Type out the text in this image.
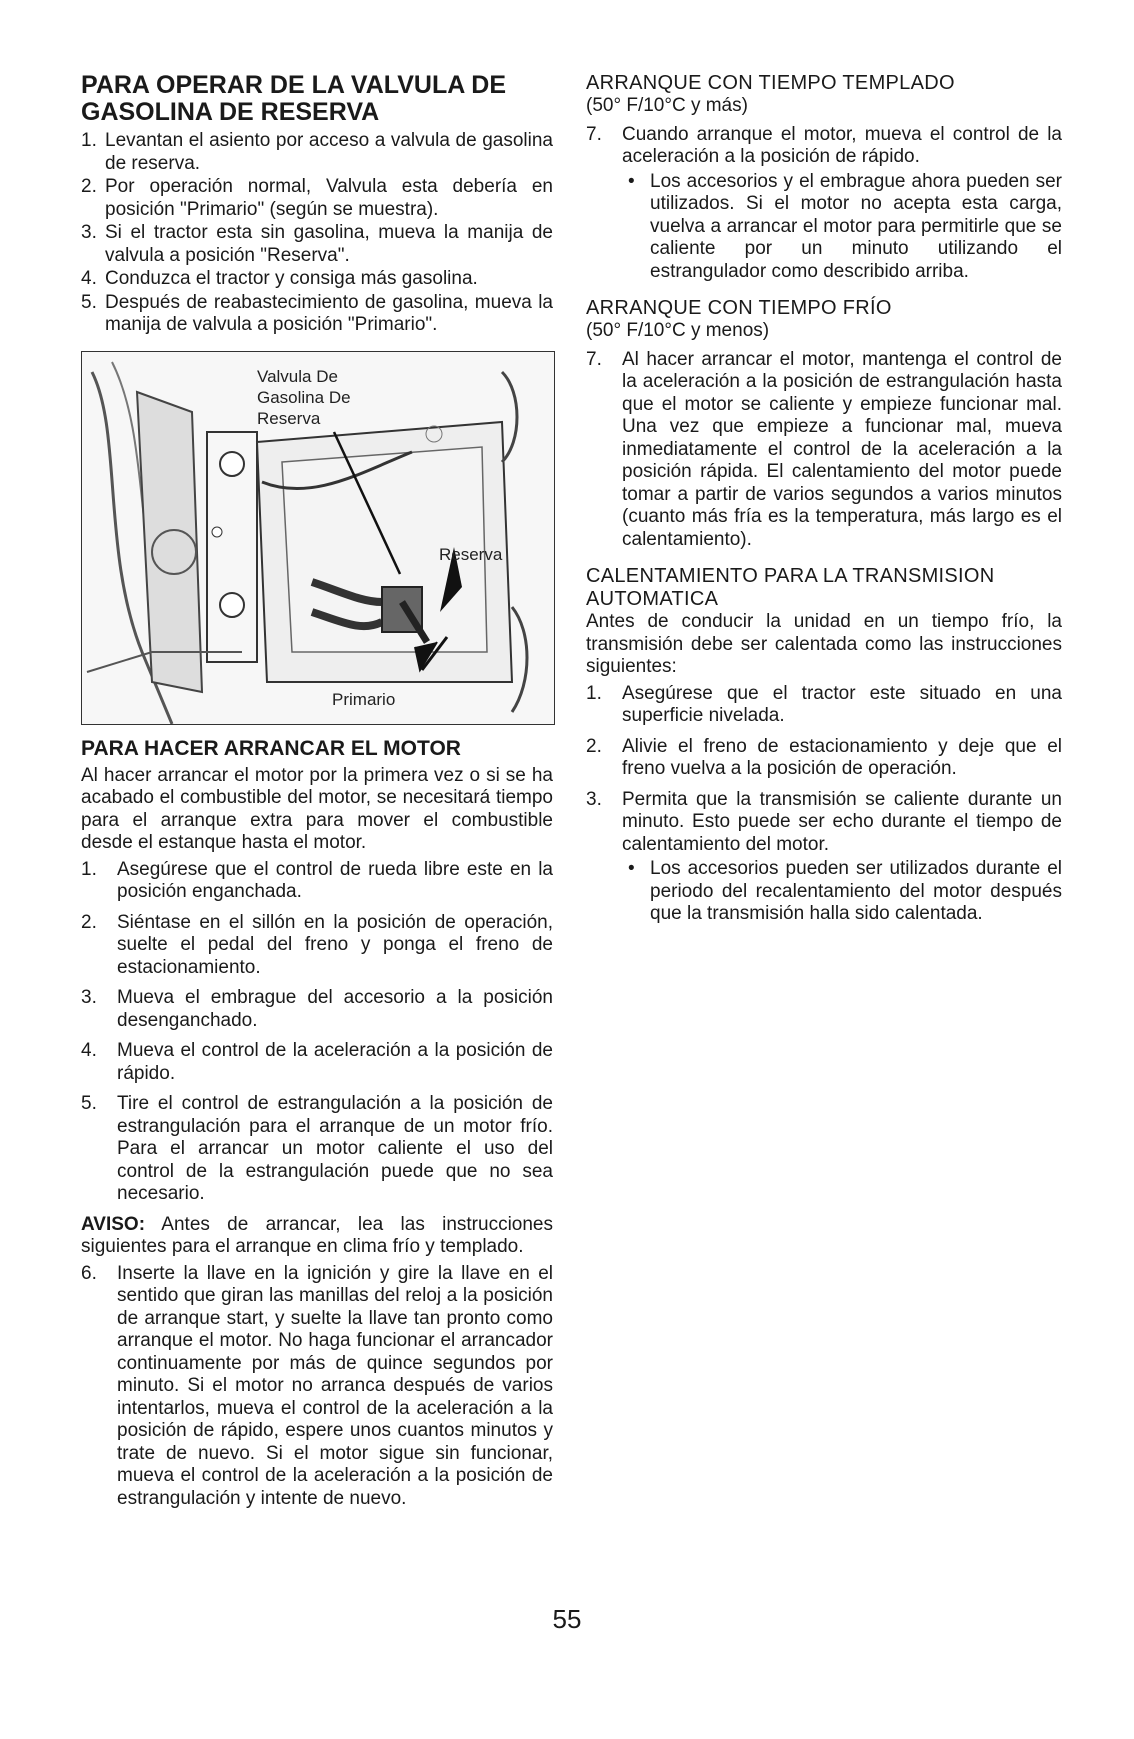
PARA OPERAR DE LA VALVULA DE GASOLINA DE RESERVA
1. Levantan el asiento por acceso a valvula de gasolina de reserva.
2. Por operación normal, Valvula esta debería en posición "Primario" (según se muestra).
3. Si el tractor esta sin gasolina, mueva la manija de valvula a posición "Reserva".
4. Conduzca el tractor y consiga más gasolina.
5. Después de reabastecimiento de gasolina, mueva la manija de valvula a posición "Primario".
Valvula De Gasolina De Reserva
Reserva
Primario
PARA HACER ARRANCAR EL MOTOR

Al hacer arrancar el motor por la primera vez o si se ha acabado el combustible del motor, se necesitará tiempo para el arranque extra para mover el combustible desde el estanque hasta el motor.

1. Asegúrese que el control de rueda libre este en la posición enganchada.
2. Siéntase en el sillón en la posición de operación, suelte el pedal del freno y ponga el freno de estacionamiento.
3. Mueva el embrague del accesorio a la posición desenganchado.
4. Mueva el control de la aceleración a la posición de rápido.
5. Tire el control de estrangulación a la posición de estrangulación para el arranque de un motor frío. Para el arrancar un motor caliente el uso del control de la estrangulación puede que no sea necesario.

AVISO: Antes de arrancar, lea las instrucciones siguientes para el arranque en clima frío y templado.

6. Inserte la llave en la ignición y gire la llave en el sentido que giran las manillas del reloj a la posición de arranque start, y suelte la llave tan pronto como arranque el motor. No haga funcionar el arrancador continuamente por más de quince segundos por minuto. Si el motor no arranca después de varios intentarlos, mueva el control de la aceleración a la posición de rápido, espere unos cuantos minutos y trate de nuevo. Si el motor sigue sin funcionar, mueva el control de la aceleración a la posición de estrangulación y intente de nuevo.
ARRANQUE CON TIEMPO TEMPLADO
(50° F/10°C y más)
7. Cuando arranque el motor, mueva el control de la aceleración a la posición de rápido.
• Los accesorios y el embrague ahora pueden ser utilizados. Si el motor no acepta esta carga, vuelva a arrancar el motor para permitirle que se caliente por un minuto utilizando el estrangulador como describido arriba.
ARRANQUE CON TIEMPO FRÍO
(50° F/10°C y menos)
7. Al hacer arrancar el motor, mantenga el control de la aceleración a la posición de estrangulación hasta que el motor se caliente y empieze funcionar mal. Una vez que empieze a funcionar mal, mueva inmediatamente el control de la aceleración a la posición rápida. El calentamiento del motor puede tomar a partir de varios segundos a varios minutos (cuanto más fría es la temperatura, más largo es el calentamiento).
CALENTAMIENTO PARA LA TRANSMISION AUTOMATICA

Antes de conducir la unidad en un tiempo frío, la transmisión debe ser calentada como las instrucciones siguientes:

1. Asegúrese que el tractor este situado en una superficie nivelada.
2. Alivie el freno de estacionamiento y deje que el freno vuelva a la posición de operación.
3. Permita que la transmisión se caliente durante un minuto. Esto puede ser echo durante el tiempo de calentamiento del motor.
• Los accesorios pueden ser utilizados durante el periodo del recalentamiento del motor después que la transmisión halla sido calentada.
55
